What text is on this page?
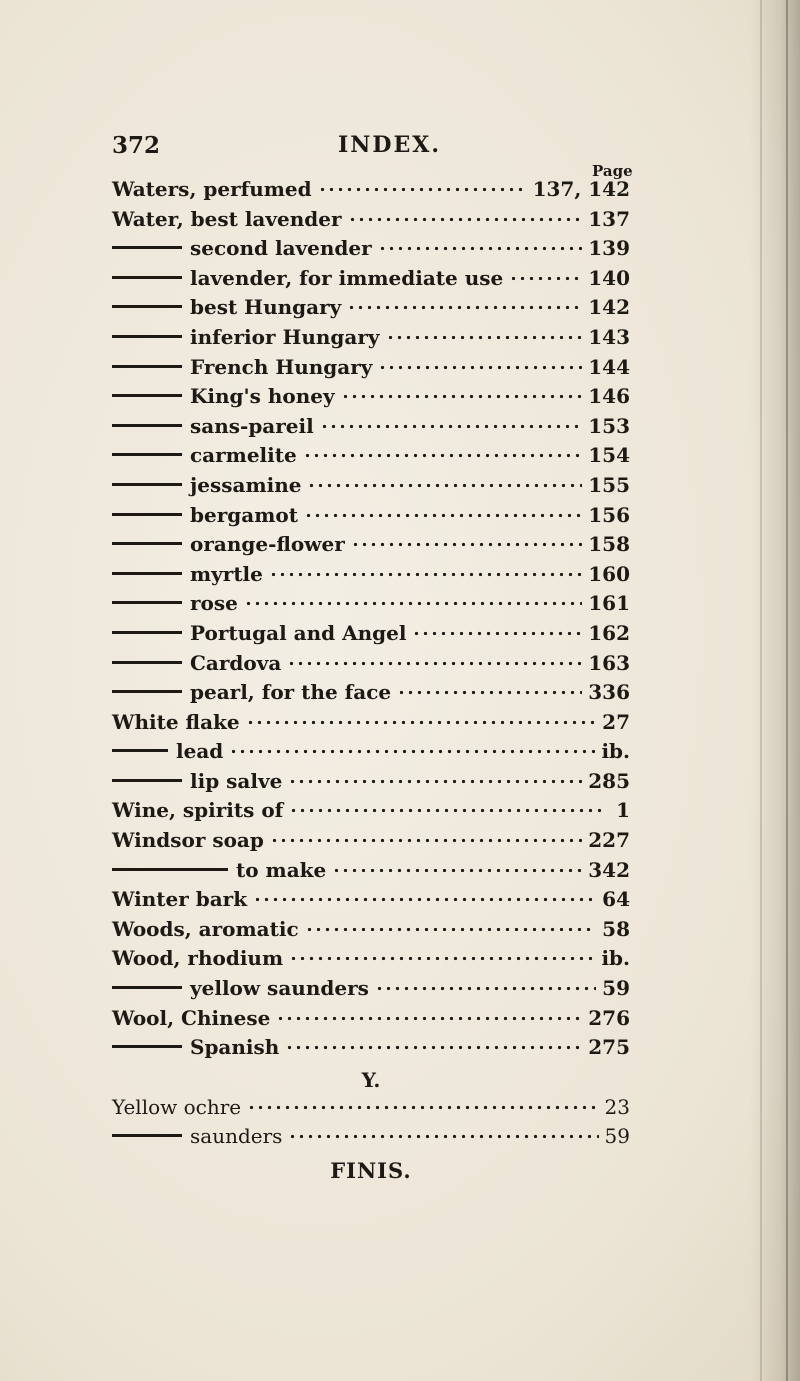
372	INDEX.
Page
Waters, perfumed	137, 142
Water, best lavender	137
second lavender	139
lavender, for immediate use	140
best Hungary	142
inferior Hungary	143
French Hungary	144
King's honey	146
sans-pareil	153
carmelite	154
jessamine	155
bergamot	156
orange-flower	158
myrtle	160
rose	161
Portugal and Angel	162
Cardova	163
pearl, for the face	336
White flake	27
lead	ib.
lip salve	285
Wine, spirits of	1
Windsor soap	227
to make	342
Winter bark	64
Woods, aromatic	58
Wood, rhodium	ib.
yellow saunders	59
Wool, Chinese	276
Spanish	275
Y.
Yellow ochre	23
saunders	59
FINIS.
